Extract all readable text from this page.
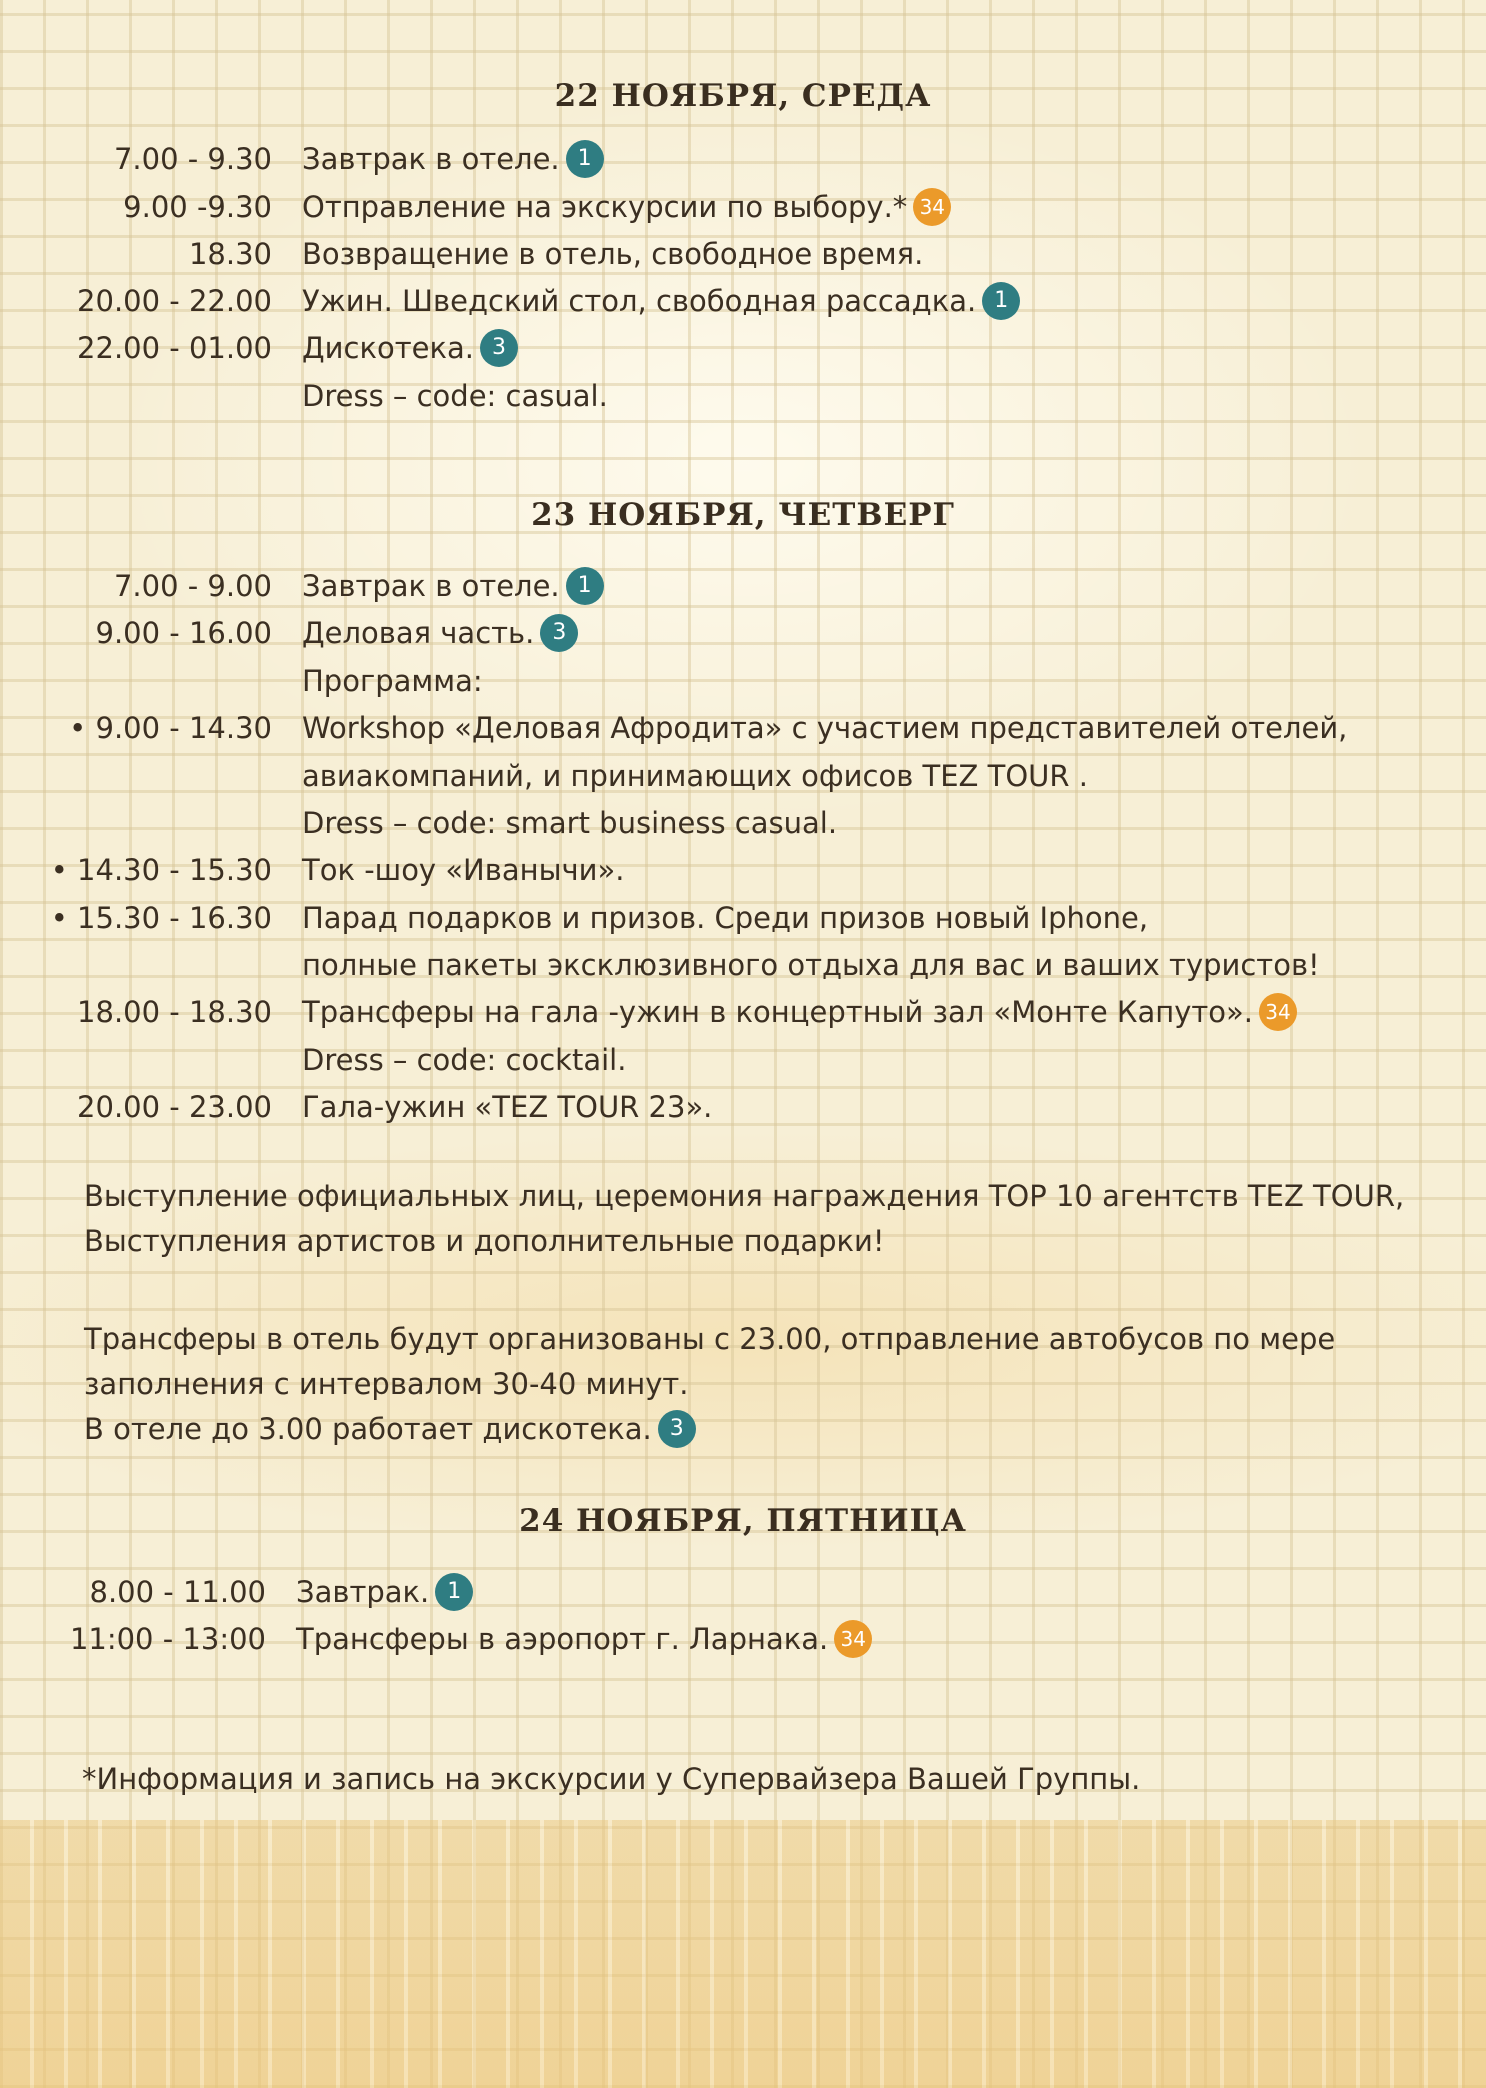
22 НОЯБРЯ, СРЕДА
7.00 - 9.30 Завтрак в отеле. 1
9.00 -9.30 Отправление на экскурсии по выбору.* 34
18.30 Возвращение в отель, свободное время.
20.00 - 22.00 Ужин. Шведский стол, свободная рассадка. 1
22.00 - 01.00 Дискотека. 3
Dress – code: casual.
23 НОЯБРЯ, ЧЕТВЕРГ
7.00 - 9.00 Завтрак в отеле. 1
9.00 - 16.00 Деловая часть. 3
Программа:
• 9.00 - 14.30 Workshop «Деловая Афродита» с участием представителей отелей,
авиакомпаний, и принимающих офисов TEZ TOUR .
Dress – code: smart business casual.
• 14.30 - 15.30 Ток -шоу «Иванычи».
• 15.30 - 16.30 Парад подарков и призов. Среди призов новый Iphone,
полные пакеты эксклюзивного отдыха для вас и ваших туристов!
18.00 - 18.30 Трансферы на гала -ужин в концертный зал «Монте Капуто». 34
Dress – code: cocktail.
20.00 - 23.00 Гала-ужин «TEZ TOUR 23».
Выступление официальных лиц, церемония награждения TOP 10 агентств TEZ TOUR,
Выступления артистов и дополнительные подарки!
Трансферы в отель будут организованы с 23.00, отправление автобусов по мере
заполнения с интервалом 30-40 минут.
В отеле до 3.00 работает дискотека. 3
24 НОЯБРЯ, ПЯТНИЦА
8.00 - 11.00 Завтрак. 1
11:00 - 13:00 Трансферы в аэропорт г. Ларнака. 34
*Информация и запись на экскурсии у Супервайзера Вашей Группы.
